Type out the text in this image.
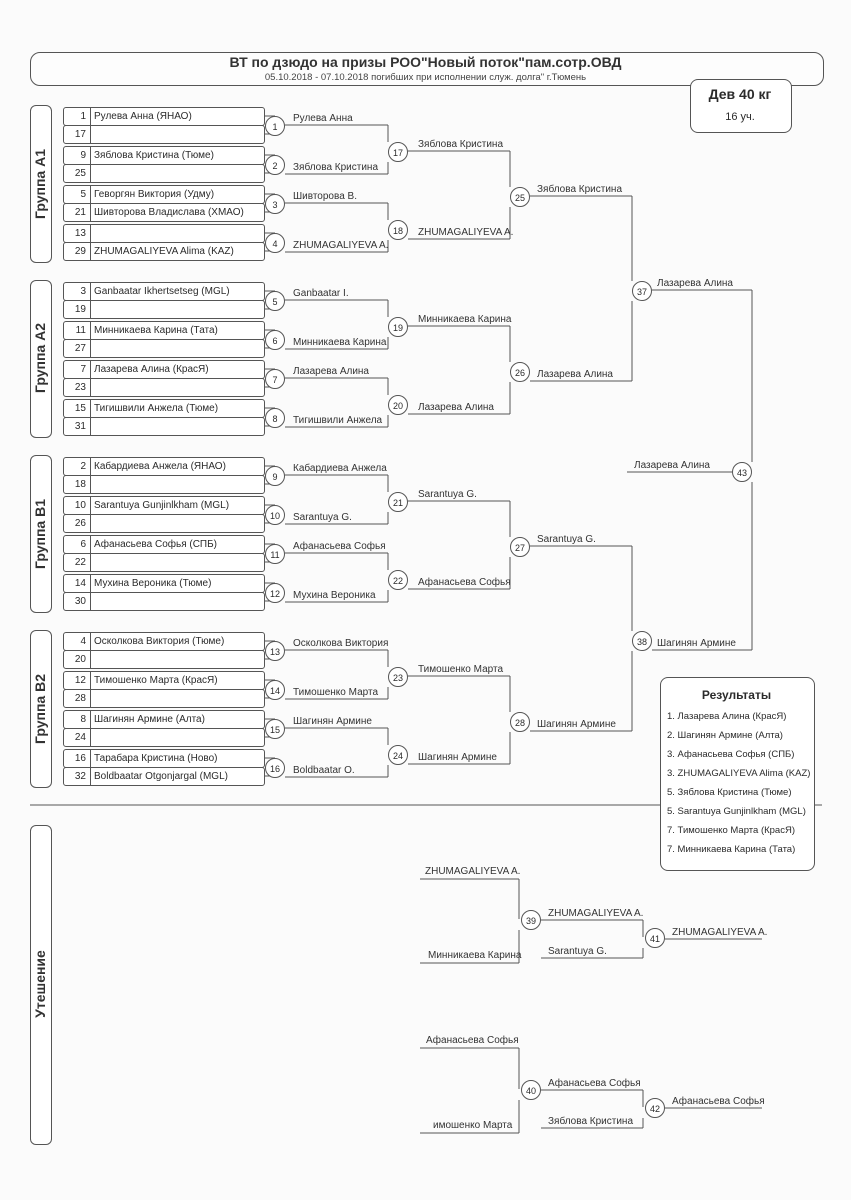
ВТ по дзюдо на призы РОО"Новый поток"пам.сотр.ОВД
05.10.2018 - 07.10.2018 погибших при исполнении служ. долга" г.Тюмень
Дев 40 кг
16 уч.
Группа А1
Группа А2
Группа В1
Группа В2
Утешение
1 Рулева Анна (ЯНАО)
17
9 Зяблова Кристина (Тюме)
25
5 Геворгян Виктория (Удму)
21 Шивторова Владислава (ХМАО)
13
29 ZHUMAGALIYEVA Alima (KAZ)
3 Ganbaatar Ikhertsetseg (MGL)
19
11 Минникаева Карина (Тата)
27
7 Лазарева Алина (КрасЯ)
23
15 Тигишвили Анжела (Тюме)
31
2 Кабардиева Анжела (ЯНАО)
18
10 Sarantuya Gunjinlkham (MGL)
26
6 Афанасьева Софья (СПБ)
22
14 Мухина Вероника (Тюме)
30
4 Осколкова Виктория (Тюме)
20
12 Тимошенко Марта (КрасЯ)
28
8 Шагинян Армине (Алта)
24
16 Тарабара Кристина (Ново)
32 Boldbaatar Otgonjargal (MGL)
1
Рулева Анна
2	Зяблова Кристина
3
Шивторова В.
4	ZHUMAGALIYEVA A.
5
Ganbaatar I.
6	Минникаева Карина
7
Лазарева Алина
8	Тигишвили Анжела
9
Кабардиева Анжела
10	Sarantuya G.
11
Афанасьева Софья
12	Мухина Вероника
13
Осколкова Виктория
14	Тимошенко Марта
15
Шагинян Армине
16	Boldbaatar O.
17
Зяблова Кристина
18	ZHUMAGALIYEVA A.
19
Минникаева Карина
20	Лазарева Алина
21
Sarantuya G.
22	Афанасьева Софья
23
Тимошенко Марта
24	Шагинян Армине
25
Зяблова Кристина
26	Лазарева Алина
27
Sarantuya G.
28	Шагинян Армине
37
Лазарева Алина
38	Шагинян Армине
43
Лазарева Алина
ZHUMAGALIYEVA A.
Минникаева Карина
39
ZHUMAGALIYEVA A.
Sarantuya G.
41
ZHUMAGALIYEVA A.
Афанасьева Софья
имошенко Марта
40
Афанасьева Софья
Зяблова Кристина
42
Афанасьева Софья
Результаты
1. Лазарева Алина (КрасЯ)
2. Шагинян Армине (Алта)
3. Афанасьева Софья (СПБ)
3. ZHUMAGALIYEVA Alima (KAZ)
5. Зяблова Кристина (Тюме)
5. Sarantuya Gunjinlkham (MGL)
7. Тимошенко Марта (КрасЯ)
7. Минникаева Карина (Тата)
